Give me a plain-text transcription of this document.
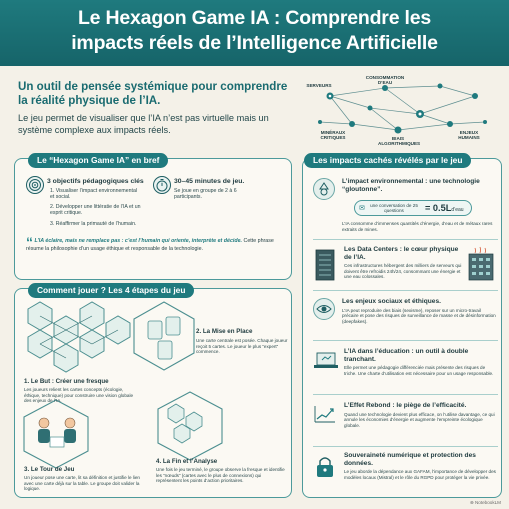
Le Hexagon Game IA : Comprendre les
impacts réels de l’Intelligence Artificielle
Un outil de pensée systémique pour comprendre la réalité physique de l’IA.
Le jeu permet de visualiser que l’IA n’est pas virtuelle mais un système complexe aux impacts réels.
SERVEURS
CONSOMMATION D’EAU
MINÉRAUX CRITIQUES	BIAIS ALGORITHMIQUES
ENJEUX HUMAINS
Le “Hexagon Game IA” en bref
3 objectifs pédagogiques clés
1. Visualiser l’impact environnemental et social.
2. Développer une littératie de l’IA et un esprit critique.
3. Réaffirmer la primauté de l’humain.
30–45 minutes de jeu.
Se joue en groupe de 2 à 6 participants.
“ L’IA éclaire, mais ne remplace pas : c’est l’humain qui oriente, interprète et décide. Cette phrase résume la philosophie d’un usage éthique et responsable de la technologie.
Comment jouer ? Les 4 étapes du jeu
1. Le But : Créer une fresque
Les joueurs relient les cartes concepts (écologie, éthique, technique) pour construire une vision globale des enjeux de l’IA.
2. La Mise en Place
Une carte centrale est posée. Chaque joueur reçoit 5 cartes. Le joueur le plus “expert” commence.
3. Le Tour de Jeu
Un joueur pose une carte, lit sa définition et justifie le lien avec une carte déjà sur la table. Le groupe doit valider la logique.
4. La Fin et l’Analyse
Une fois le jeu terminé, le groupe observe la fresque et identifie les “nœuds” (cartes avec le plus de connexions) qui représentent les points d’action prioritaires.
Les impacts cachés révélés par le jeu
L’impact environnemental : une technologie “gloutonne”.
une conversation de 25 questions	= 0.5Ld’eau
✉
L’IA consomme d’immenses quantités d’énergie, d’eau et de métaux rares extraits de mines.
Les Data Centers : le cœur physique de l’IA.
Ces infrastructures hébergent des milliers de serveurs qui doivent être refroidis 24h/24, consommant une énergie et une eau colossales.
Les enjeux sociaux et éthiques.
L’IA peut reproduire des biais (sexisme), reposer sur un micro-travail précaire et pose des risques de surveillance de masse et de désinformation (deepfakes).
L’IA dans l’éducation : un outil à double tranchant.
Elle permet une pédagogie différenciée mais présente des risques de triche. Une charte d’utilisation est nécessaire pour un usage responsable.
L’Effet Rebond : le piège de l’efficacité.
Quand une technologie devient plus efficace, on l’utilise davantage, ce qui annule les économies d’énergie et augmente l’empreinte écologique globale.
Souveraineté numérique et protection des données.
Le jeu aborde la dépendance aux GAFAM, l’importance de développer des modèles locaux (Mistral) et le rôle du RGPD pour protéger la vie privée.
⊛ NotebookLM
